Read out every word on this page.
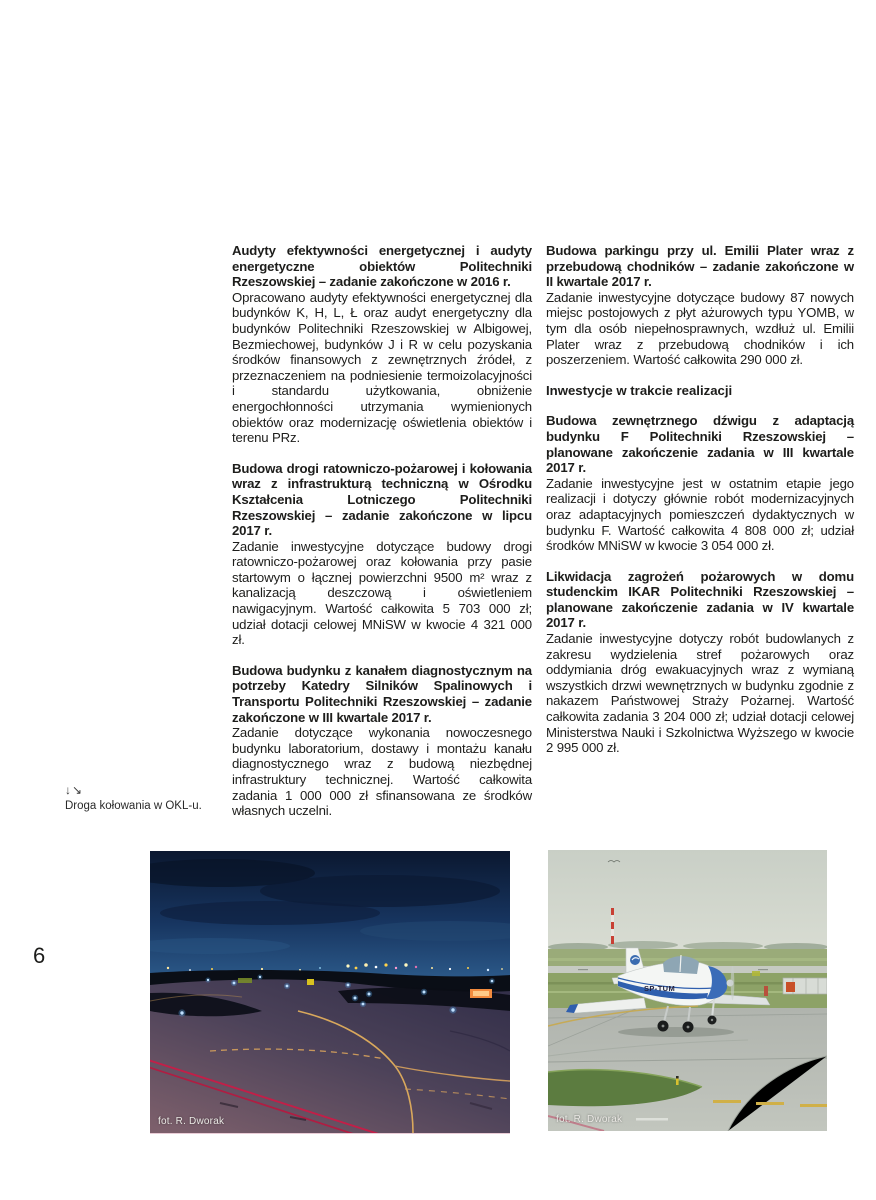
Audyty efektywności energetycznej i audyty energetyczne obiektów Politechniki Rzeszowskiej – zadanie zakończone w 2016 r.

Opracowano audyty efektywności energetycznej dla budynków K, H, L, Ł oraz audyt energetyczny dla budynków Politechniki Rzeszowskiej w Albigowej, Bezmiechowej, budynków J i R w celu pozyskania środków finansowych z zewnętrznych źródeł, z przeznaczeniem na podniesienie termoizolacyjności i standardu użytkowania, obniżenie energochłonności utrzymania wymienionych obiektów oraz modernizację oświetlenia obiektów i terenu PRz.

Budowa drogi ratowniczo-pożarowej i kołowania wraz z infrastrukturą techniczną w Ośrodku Kształcenia Lotniczego Politechniki Rzeszowskiej – zadanie zakończone w lipcu 2017 r.

Zadanie inwestycyjne dotyczące budowy drogi ratowniczo-pożarowej oraz kołowania przy pasie startowym o łącznej powierzchni 9500 m² wraz z kanalizacją deszczową i oświetleniem nawigacyjnym. Wartość całkowita 5 703 000 zł; udział dotacji celowej MNiSW w kwocie 4 321 000 zł.

Budowa budynku z kanałem diagnostycznym na potrzeby Katedry Silników Spalinowych i Transportu Politechniki Rzeszowskiej – zadanie zakończone w III kwartale 2017 r.

Zadanie dotyczące wykonania nowoczesnego budynku laboratorium, dostawy i montażu kanału diagnostycznego wraz z budową niezbędnej infrastruktury technicznej. Wartość całkowita zadania 1 000 000 zł sfinansowana ze środków własnych uczelni.

Budowa parkingu przy ul. Emilii Plater wraz z przebudową chodników – zadanie zakończone w II kwartale 2017 r.

Zadanie inwestycyjne dotyczące budowy 87 nowych miejsc postojowych z płyt ażurowych typu YOMB, w tym dla osób niepełnosprawnych, wzdłuż ul. Emilii Plater wraz z przebudową chodników i ich poszerzeniem. Wartość całkowita 290 000 zł.

Inwestycje w trakcie realizacji
Budowa zewnętrznego dźwigu z adaptacją budynku F Politechniki Rzeszowskiej – planowane zakończenie zadania w III kwartale 2017 r.

Zadanie inwestycyjne jest w ostatnim etapie jego realizacji i dotyczy głównie robót modernizacyjnych oraz adaptacyjnych pomieszczeń dydaktycznych w budynku F. Wartość całkowita 4 808 000 zł; udział środków MNiSW w kwocie 3 054 000 zł.

Likwidacja zagrożeń pożarowych w domu studenckim IKAR Politechniki Rzeszowskiej – planowane zakończenie zadania w IV kwartale 2017 r.

Zadanie inwestycyjne dotyczy robót budowlanych z zakresu wydzielenia stref pożarowych oraz oddymiania dróg ewakuacyjnych wraz z wymianą wszystkich drzwi wewnętrznych w budynku zgodnie z nakazem Państwowej Straży Pożarnej. Wartość całkowita zadania 3 204 000 zł; udział dotacji celowej Ministerstwa Nauki i Szkolnictwa Wyższego w kwocie 2 995 000 zł.

↓↘
Droga kołowania w OKL-u.
6
fot. R. Dworak
SP-TUM
fot. R. Dworak
